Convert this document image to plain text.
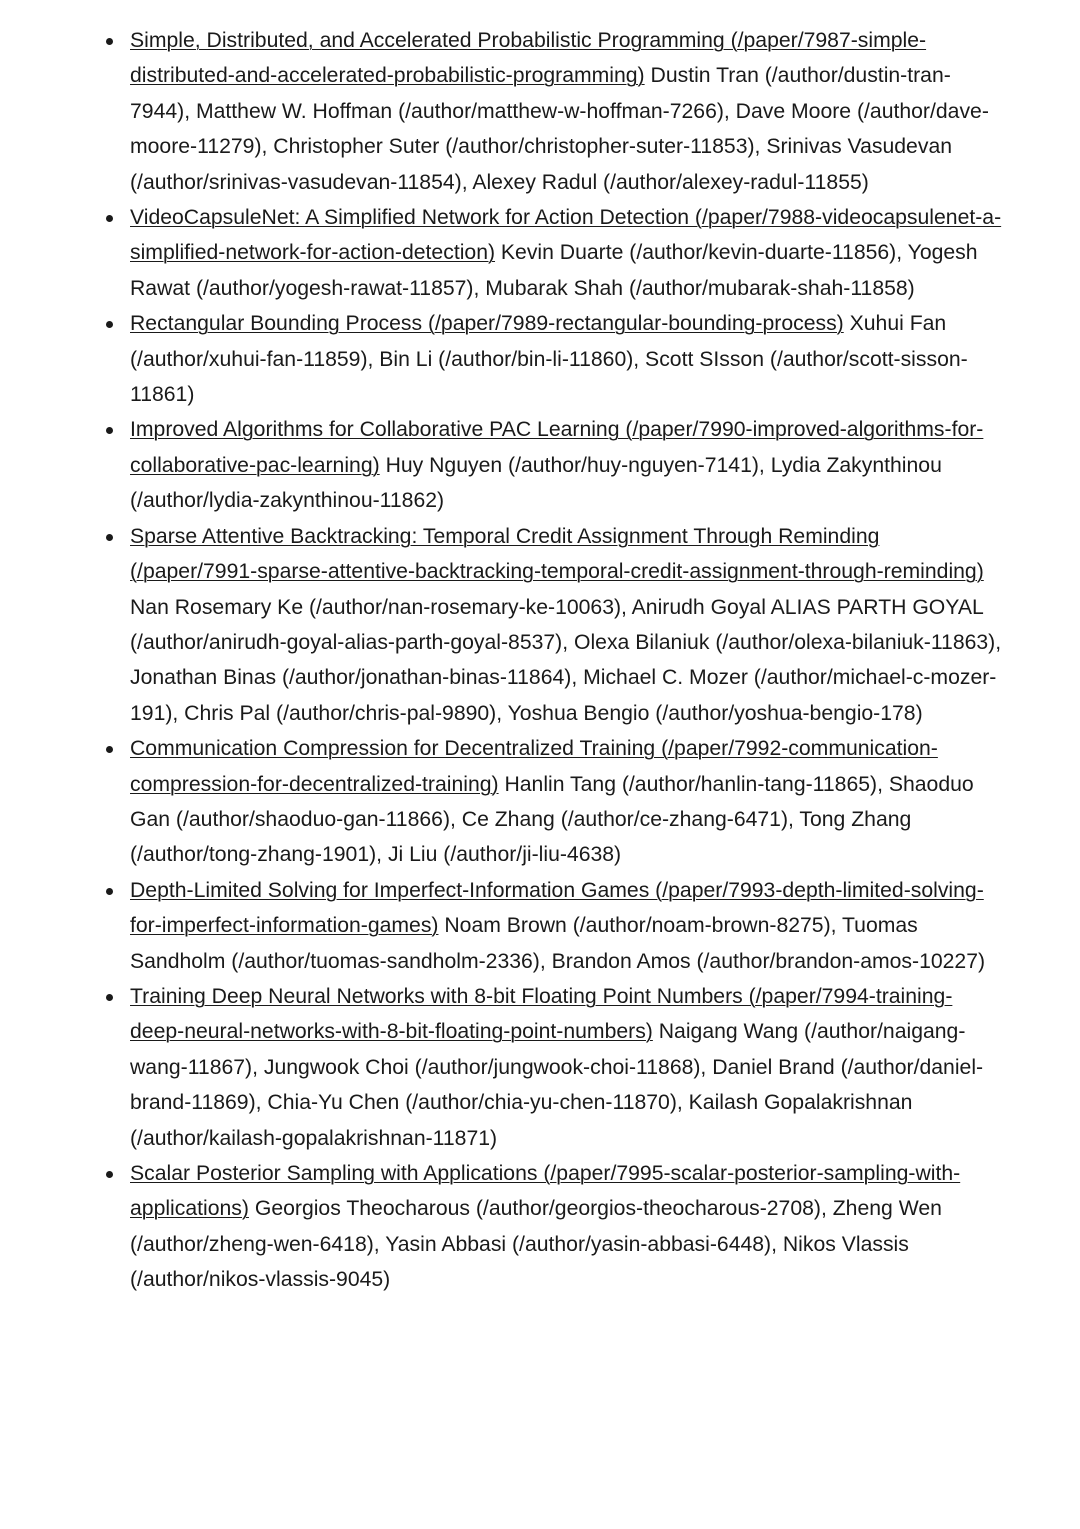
Simple, Distributed, and Accelerated Probabilistic Programming (/paper/7987-simple-distributed-and-accelerated-probabilistic-programming) Dustin Tran (/author/dustin-tran-7944), Matthew W. Hoffman (/author/matthew-w-hoffman-7266), Dave Moore (/author/dave-moore-11279), Christopher Suter (/author/christopher-suter-11853), Srinivas Vasudevan (/author/srinivas-vasudevan-11854), Alexey Radul (/author/alexey-radul-11855)
VideoCapsuleNet: A Simplified Network for Action Detection (/paper/7988-videocapsulenet-a-simplified-network-for-action-detection) Kevin Duarte (/author/kevin-duarte-11856), Yogesh Rawat (/author/yogesh-rawat-11857), Mubarak Shah (/author/mubarak-shah-11858)
Rectangular Bounding Process (/paper/7989-rectangular-bounding-process) Xuhui Fan (/author/xuhui-fan-11859), Bin Li (/author/bin-li-11860), Scott SIsson (/author/scott-sisson-11861)
Improved Algorithms for Collaborative PAC Learning (/paper/7990-improved-algorithms-for-collaborative-pac-learning) Huy Nguyen (/author/huy-nguyen-7141), Lydia Zakynthinou (/author/lydia-zakynthinou-11862)
Sparse Attentive Backtracking: Temporal Credit Assignment Through Reminding (/paper/7991-sparse-attentive-backtracking-temporal-credit-assignment-through-reminding) Nan Rosemary Ke (/author/nan-rosemary-ke-10063), Anirudh Goyal ALIAS PARTH GOYAL (/author/anirudh-goyal-alias-parth-goyal-8537), Olexa Bilaniuk (/author/olexa-bilaniuk-11863), Jonathan Binas (/author/jonathan-binas-11864), Michael C. Mozer (/author/michael-c-mozer-191), Chris Pal (/author/chris-pal-9890), Yoshua Bengio (/author/yoshua-bengio-178)
Communication Compression for Decentralized Training (/paper/7992-communication-compression-for-decentralized-training) Hanlin Tang (/author/hanlin-tang-11865), Shaoduo Gan (/author/shaoduo-gan-11866), Ce Zhang (/author/ce-zhang-6471), Tong Zhang (/author/tong-zhang-1901), Ji Liu (/author/ji-liu-4638)
Depth-Limited Solving for Imperfect-Information Games (/paper/7993-depth-limited-solving-for-imperfect-information-games) Noam Brown (/author/noam-brown-8275), Tuomas Sandholm (/author/tuomas-sandholm-2336), Brandon Amos (/author/brandon-amos-10227)
Training Deep Neural Networks with 8-bit Floating Point Numbers (/paper/7994-training-deep-neural-networks-with-8-bit-floating-point-numbers) Naigang Wang (/author/naigang-wang-11867), Jungwook Choi (/author/jungwook-choi-11868), Daniel Brand (/author/daniel-brand-11869), Chia-Yu Chen (/author/chia-yu-chen-11870), Kailash Gopalakrishnan (/author/kailash-gopalakrishnan-11871)
Scalar Posterior Sampling with Applications (/paper/7995-scalar-posterior-sampling-with-applications) Georgios Theocharous (/author/georgios-theocharous-2708), Zheng Wen (/author/zheng-wen-6418), Yasin Abbasi (/author/yasin-abbasi-6448), Nikos Vlassis (/author/nikos-vlassis-9045)
